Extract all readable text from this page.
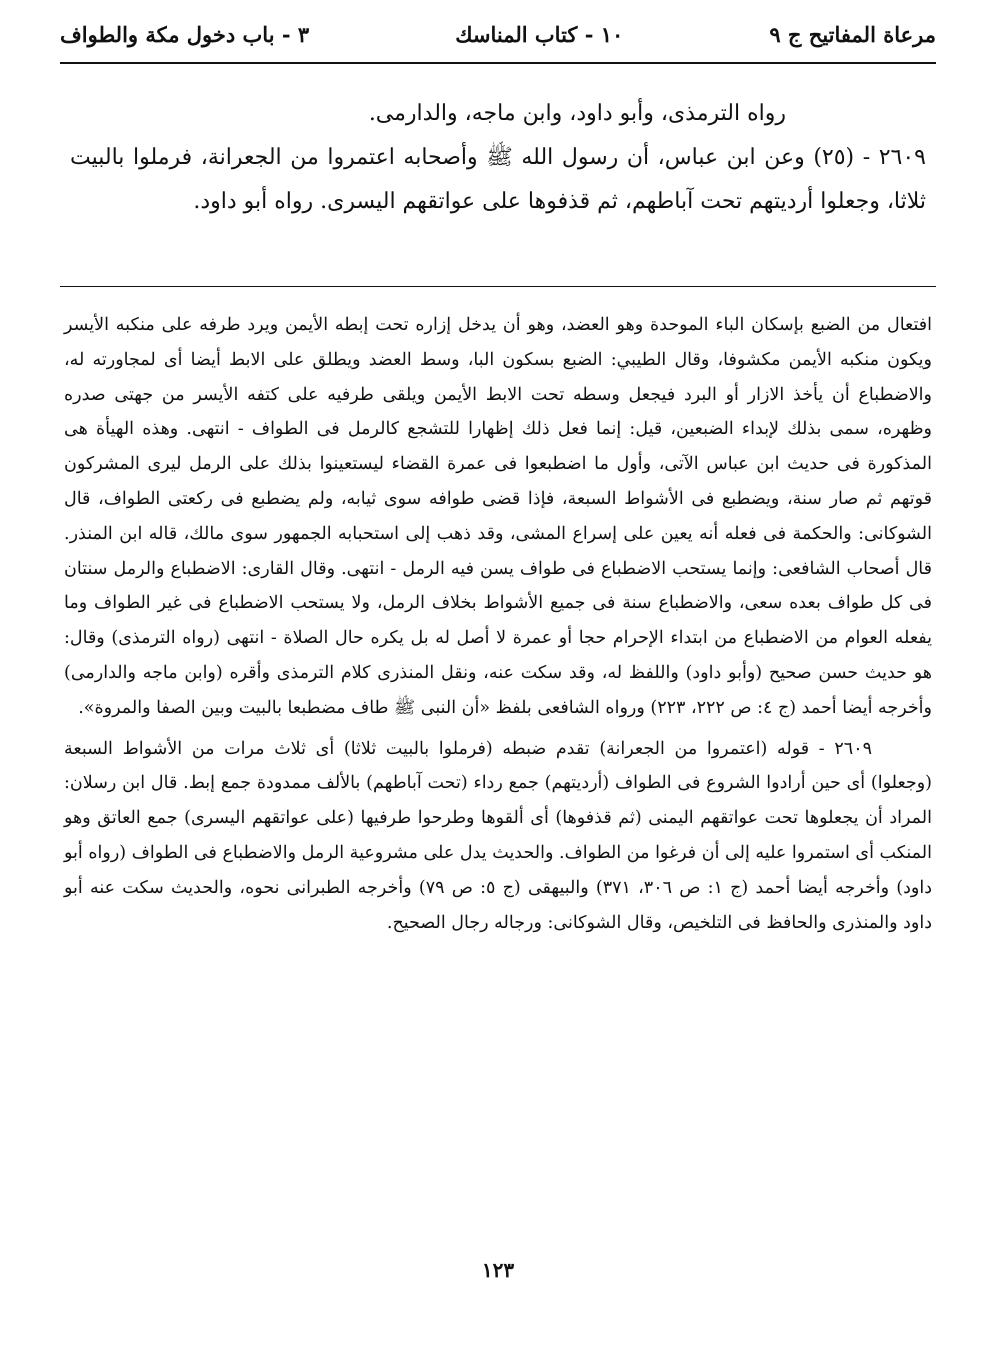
مرعاة المفاتيح ج ٩
١٠ - كتاب المناسك
٣ - باب دخول مكة والطواف

رواه الترمذى، وأبو داود، وابن ماجه، والدارمى.

٢٦٠٩ - (٢٥) وعن ابن عباس، أن رسول الله ﷺ وأصحابه اعتمروا من الجعرانة، فرملوا بالبيت ثلاثا، وجعلوا أرديتهم تحت آباطهم، ثم قذفوها على عواتقهم اليسرى. رواه أبو داود.

افتعال من الضبع بإسكان الباء الموحدة وهو العضد، وهو أن يدخل إزاره تحت إبطه الأيمن ويرد طرفه على منكبه الأيسر ويكون منكبه الأيمن مكشوفا، وقال الطيبي: الضبع بسكون البا، وسط العضد ويطلق على الابط أيضا أى لمجاورته له، والاضطباع أن يأخذ الازار أو البرد فيجعل وسطه تحت الابط الأيمن ويلقى طرفيه على كتفه الأيسر من جهتى صدره وظهره، سمى بذلك لإبداء الضبعين، قيل: إنما فعل ذلك إظهارا للتشجع كالرمل فى الطواف - انتهى. وهذه الهيأة هى المذكورة فى حديث ابن عباس الآتى، وأول ما اضطبعوا فى عمرة القضاء ليستعينوا بذلك على الرمل ليرى المشركون قوتهم ثم صار سنة، ويضطبع فى الأشواط السبعة، فإذا قضى طوافه سوى ثيابه، ولم يضطبع فى ركعتى الطواف، قال الشوكانى: والحكمة فى فعله أنه يعين على إسراع المشى، وقد ذهب إلى استحبابه الجمهور سوى مالك، قاله ابن المنذر. قال أصحاب الشافعى: وإنما يستحب الاضطباع فى طواف يسن فيه الرمل - انتهى. وقال القارى: الاضطباع والرمل سنتان فى كل طواف بعده سعى، والاضطباع سنة فى جميع الأشواط بخلاف الرمل، ولا يستحب الاضطباع فى غير الطواف وما يفعله العوام من الاضطباع من ابتداء الإحرام حجا أو عمرة لا أصل له بل يكره حال الصلاة - انتهى (رواه الترمذى) وقال: هو حديث حسن صحيح (وأبو داود) واللفظ له، وقد سكت عنه، ونقل المنذرى كلام الترمذى وأقره (وابن ماجه والدارمى) وأخرجه أيضا أحمد (ج ٤: ص ٢٢٢، ٢٢٣) ورواه الشافعى بلفظ «أن النبى ﷺ طاف مضطبعا بالبيت وبين الصفا والمروة».

٢٦٠٩ - قوله (اعتمروا من الجعرانة) تقدم ضبطه (فرملوا بالبيت ثلاثا) أى ثلاث مرات من الأشواط السبعة (وجعلوا) أى حين أرادوا الشروع فى الطواف (أرديتهم) جمع رداء (تحت آباطهم) بالألف ممدودة جمع إبط. قال ابن رسلان: المراد أن يجعلوها تحت عواتقهم اليمنى (ثم قذفوها) أى ألقوها وطرحوا طرفيها (على عواتقهم اليسرى) جمع العاتق وهو المنكب أى استمروا عليه إلى أن فرغوا من الطواف. والحديث يدل على مشروعية الرمل والاضطباع فى الطواف (رواه أبو داود) وأخرجه أيضا أحمد (ج ١: ص ٣٠٦، ٣٧١) والبيهقى (ج ٥: ص ٧٩) وأخرجه الطبرانى نحوه، والحديث سكت عنه أبو داود والمنذرى والحافظ فى التلخيص، وقال الشوكانى: ورجاله رجال الصحيح.

١٢٣
